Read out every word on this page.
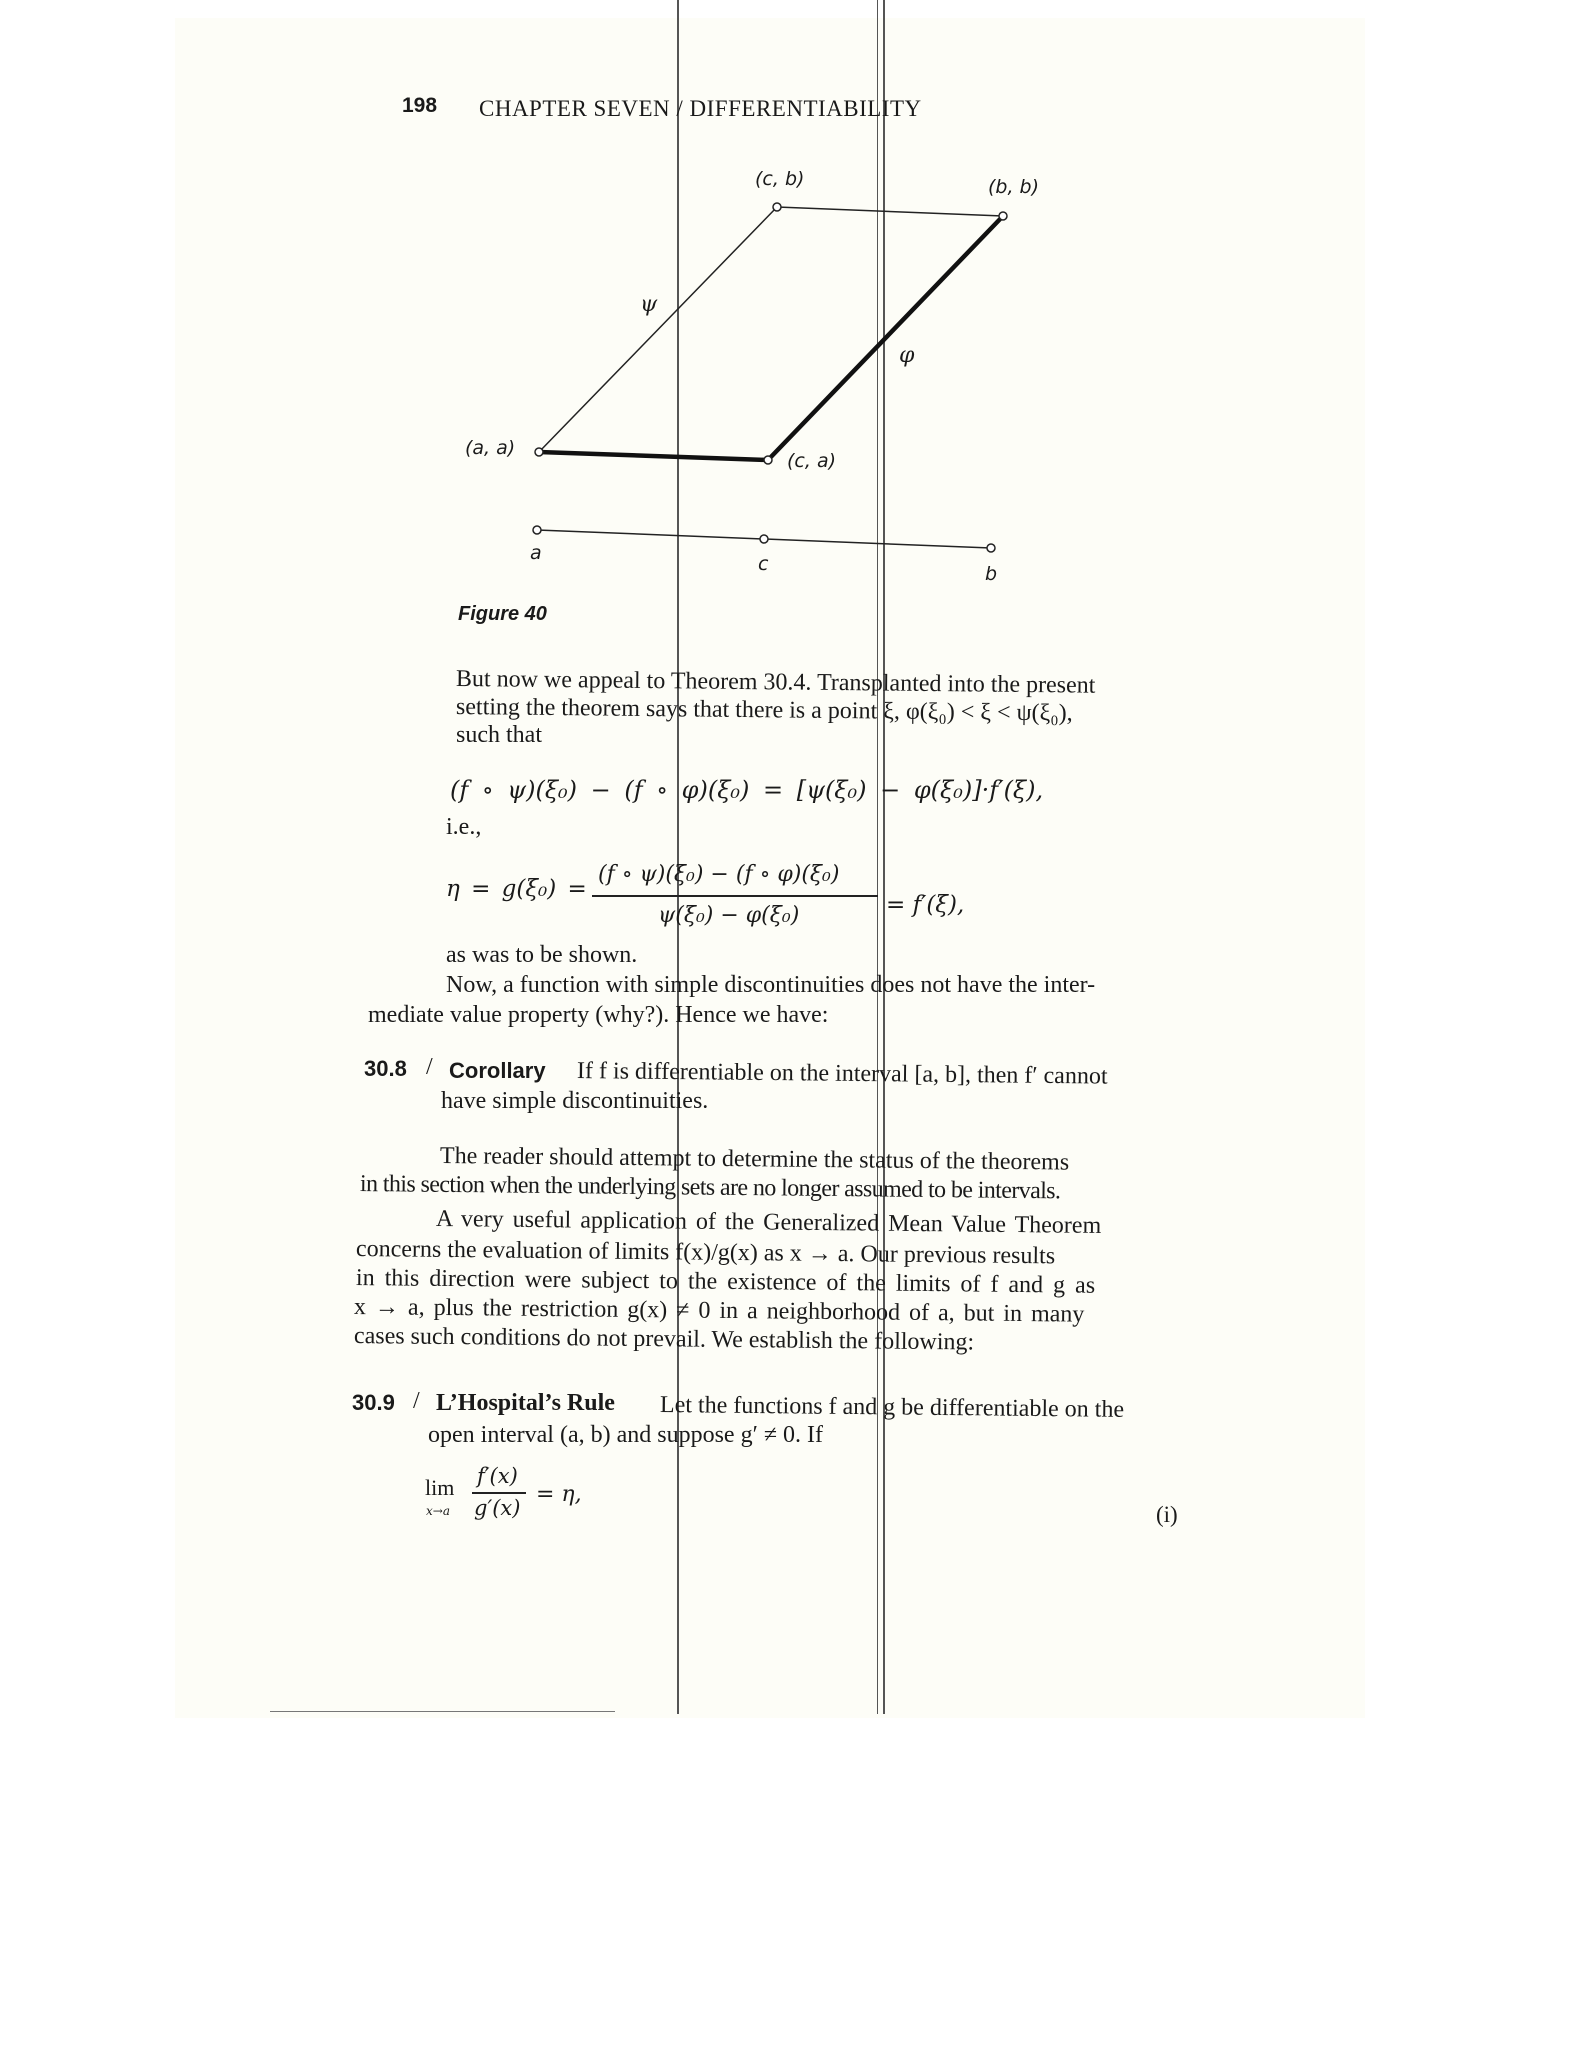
198 CHAPTER SEVEN / DIFFERENTIABILITY
(c, b)	(b, b)
ψ
φ
(a, a)
(c, a)
a	c	b
Figure 40
But now we appeal to Theorem 30.4. Transplanted into the present
setting the theorem says that there is a point ξ, φ(ξ₀) < ξ < ψ(ξ₀),
such that
(f ∘ ψ)(ξ₀) − (f ∘ φ)(ξ₀) = [ψ(ξ₀) − φ(ξ₀)]·f′(ξ),
i.e.,
η = g(ξ₀) =
(f ∘ ψ)(ξ₀) − (f ∘ φ)(ξ₀)
ψ(ξ₀) − φ(ξ₀)	= f′(ξ),
as was to be shown.
Now, a function with simple discontinuities does not have the inter-
mediate value property (why?). Hence we have:
30.8 / Corollary If f is differentiable on the interval [a, b], then f′ cannot
have simple discontinuities.
The reader should attempt to determine the status of the theorems
in this section when the underlying sets are no longer assumed to be intervals.
A very useful application of the Generalized Mean Value Theorem
concerns the evaluation of limits f(x)/g(x) as x → a. Our previous results
in this direction were subject to the existence of the limits of f and g as
x → a, plus the restriction g(x) ≠ 0 in a neighborhood of a, but in many
cases such conditions do not prevail. We establish the following:
30.9 / L’Hospital’s Rule Let the functions f and g be differentiable on the
open interval (a, b) and suppose g′ ≠ 0. If
lim
x→a
f′(x)
g′(x)
= η,
(i)
